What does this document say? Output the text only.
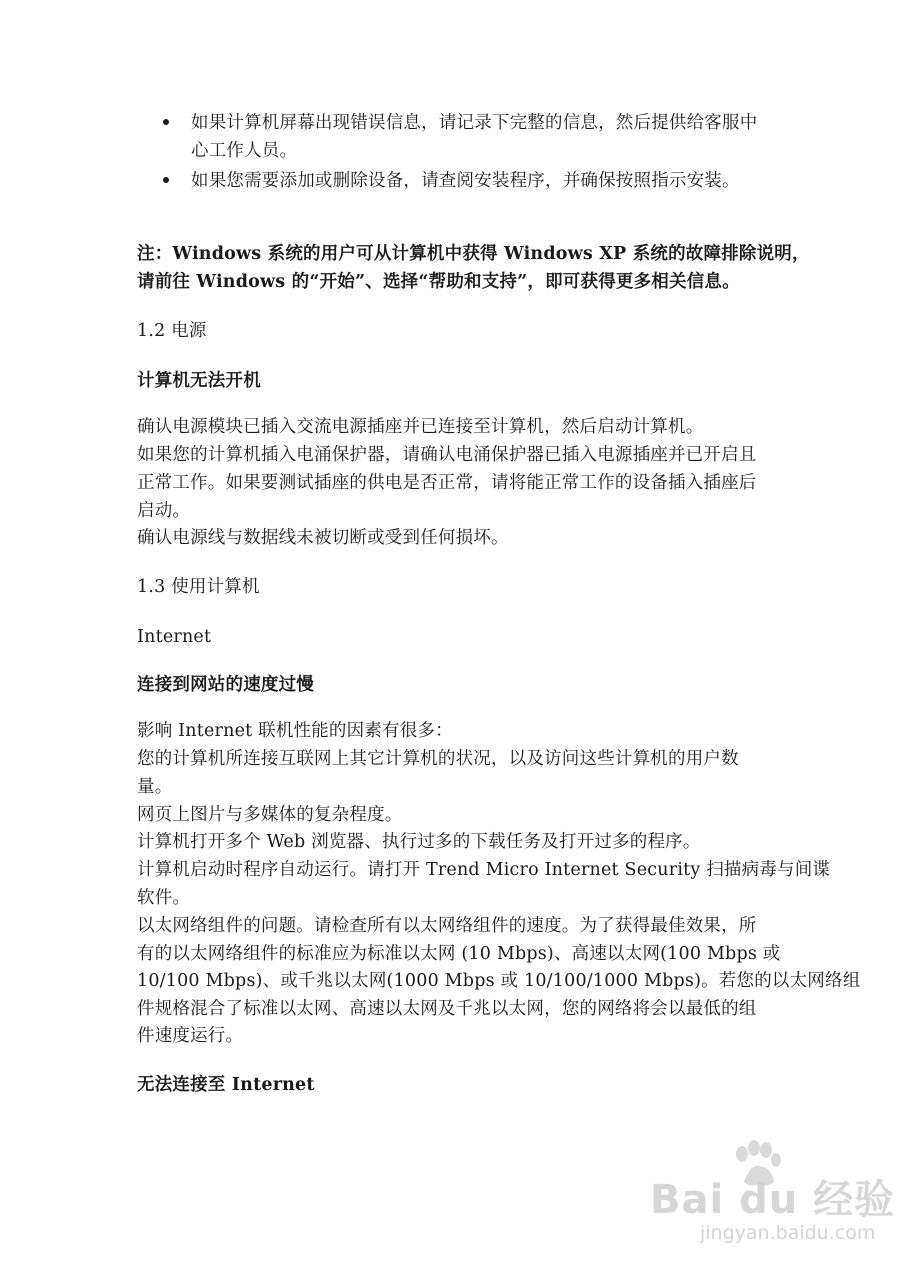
如果计算机屏幕出现错误信息，请记录下完整的信息，然后提供给客服中
心工作人员。
如果您需要添加或删除设备，请查阅安装程序，并确保按照指示安装。
注：Windows 系统的用户可从计算机中获得 Windows XP 系统的故障排除说明，
请前往 Windows 的“开始”、选择“帮助和支持”，即可获得更多相关信息。
1.2 电源
计算机无法开机
确认电源模块已插入交流电源插座并已连接至计算机，然后启动计算机。
如果您的计算机插入电涌保护器，请确认电涌保护器已插入电源插座并已开启且
正常工作。如果要测试插座的供电是否正常，请将能正常工作的设备插入插座后
启动。
确认电源线与数据线未被切断或受到任何损坏。
1.3 使用计算机
Internet
连接到网站的速度过慢
影响 Internet 联机性能的因素有很多：
您的计算机所连接互联网上其它计算机的状况，以及访问这些计算机的用户数
量。
网页上图片与多媒体的复杂程度。
计算机打开多个 Web 浏览器、执行过多的下载任务及打开过多的程序。
计算机启动时程序自动运行。请打开 Trend Micro Internet Security 扫描病毒与间谍
软件。
以太网络组件的问题。请检查所有以太网络组件的速度。为了获得最佳效果，所
有的以太网络组件的标准应为标准以太网 (10 Mbps)、高速以太网(100 Mbps 或
10/100 Mbps)、或千兆以太网(1000 Mbps 或 10/100/1000 Mbps)。若您的以太网络组
件规格混合了标准以太网、高速以太网及千兆以太网，您的网络将会以最低的组
件速度运行。
无法连接至 Internet
Bai du 经验
jingyan.baidu.com
